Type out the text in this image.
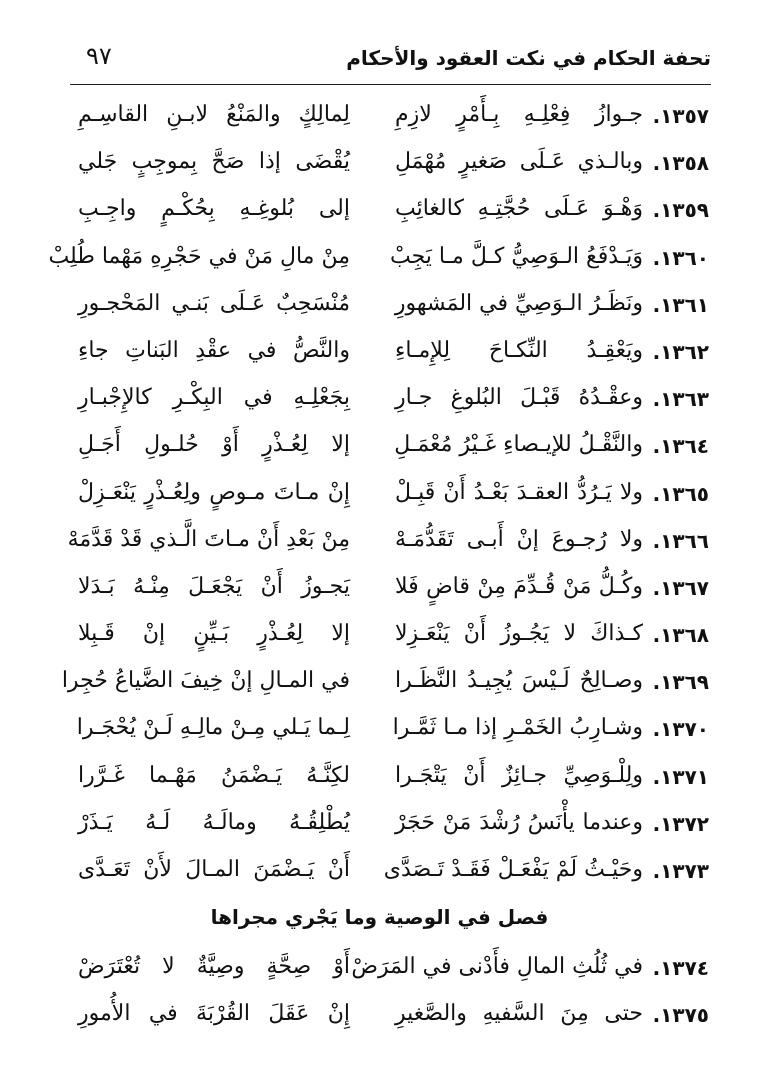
٩٧	تحفة الحكام في نكت العقود والأحكام
١٣٥٧.
جـوازُ فِعْلِـهِ بِـأَمْرٍ لازِمِ
لِمالِكٍ والمَنْعُ لابـنِ القاسِـمِ
١٣٥٨.
وبالـذي عَـلَى صَغيرٍ مُهْمَلِ
يُقْضَى إذا صَحَّ بِموجِبٍ جَلي
١٣٥٩.
وَهْـوَ عَـلَى حُجَّتِـهِ كالغائِبِ
إلى بُلوغِـهِ بِحُكْـمٍ واجِـبِ
١٣٦٠.
وَيَـدْفَعُ الـوَصِيُّ كـلَّ مـا يَجِبْ
مِنْ مالِ مَنْ في حَجْرِهِ مَهْما طُلِبْ
١٣٦١.
ونَظَـرُ الـوَصِيِّ في المَشهورِ
مُنْسَحِبٌ عَـلَى بَنـي المَحْجـورِ
١٣٦٢.
ويَعْقِـدُ النِّكـاحَ لِلإِمـاءِ
والنَّصُّ في عقْدِ البَناتِ جاءِ
١٣٦٣.
وعقْـدُهُ قَبْـلَ البُلوغِ جـارِ
بِجَعْلِـهِ في البِكْـرِ كالإِجْبـارِ
١٣٦٤.
والنَّقْـلُ للإيـصاءِ غَـيْرُ مُعْمَـلِ
إلا لِعُـذْرٍ أَوْ حُلـولِ أَجَـلِ
١٣٦٥.
ولا يَـرُدُّ العقـدَ بَعْـدُ أَنْ قَبِـلْ
إِنْ مـاتَ مـوصٍ ولِعُـذْرٍ يَنْعَـزِلْ
١٣٦٦.
ولا رُجـوعَ إنْ أَبـى تَقَدُّمَـهْ
مِنْ بَعْدِ أَنْ مـاتَ الَّـذي قَدْ قَدَّمَهْ
١٣٦٧.
وكُـلُّ مَنْ قُـدِّمَ مِنْ قاضٍ فَلا
يَجـوزُ أَنْ يَجْعَـلَ مِنْـهُ بَـدَلا
١٣٦٨.
كـذاكَ لا يَجُـوزُ أَنْ يَنْعَـزِلا
إلا لِعُـذْرٍ بَـيِّنٍ إنْ قَـبِلا
١٣٦٩.
وصـالِحٌ لَـيْسَ يُجِيـدُ النَّظَـرا
في المـالِ إنْ خِيفَ الضَّياعُ حُجِرا
١٣٧٠.
وشـارِبُ الخَمْـرِ إذا مـا ثَمَّـرا
لِـما يَـلي مِـنْ مالِـهِ لَـنْ يُحْجَـرا
١٣٧١.
ولِلْـوَصِيِّ جـائِزٌ أَنْ يَتْجَـرا
لكِنَّـهُ يَـضْمَنُ مَهْـما غَـرَّرا
١٣٧٢.
وعندما يأْنَسُ رُشْدَ مَنْ حَجَرْ
يُطْلِقُـهُ ومالَـهُ لَـهُ يَـذَرْ
١٣٧٣.
وحَيْـثُ لَمْ يَفْعَـلْ فَقَـدْ تَـصَدَّى
أَنْ يَـضْمَنَ المـالَ لأَنْ تَعَـدَّى
فصل في الوصية وما يَجْري مجراها
١٣٧٤.
في ثُلُثِ المالِ فأَدْنى في المَرَضْ
أَوْ صِحَّةٍ وصِيَّةٌ لا تُعْتَرَضْ
١٣٧٥.
حتى مِنَ السَّفيهِ والصَّغيرِ
إِنْ عَقَلَ القُرْبَةَ في الأُمورِ
